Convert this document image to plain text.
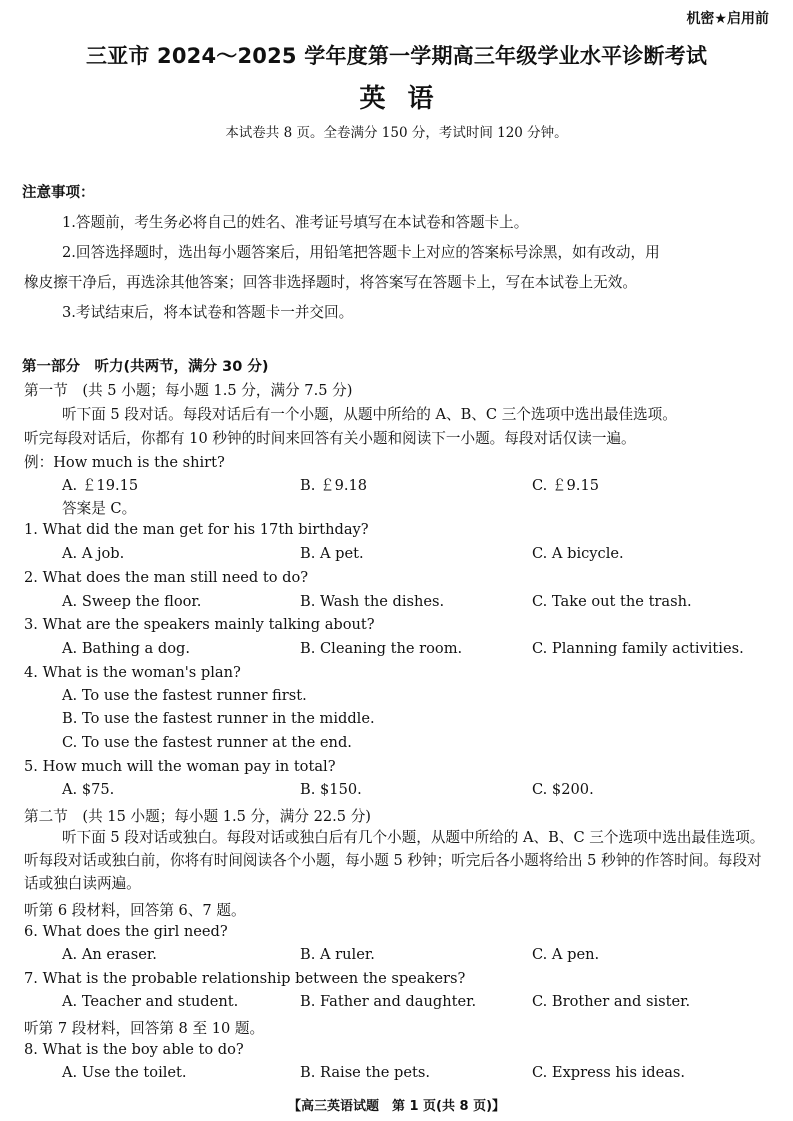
机密★启用前
三亚市 2024～2025 学年度第一学期高三年级学业水平诊断考试
英语
本试卷共 8 页。全卷满分 150 分，考试时间 120 分钟。
注意事项：
1.答题前，考生务必将自己的姓名、准考证号填写在本试卷和答题卡上。
2.回答选择题时，选出每小题答案后，用铅笔把答题卡上对应的答案标号涂黑，如有改动，用
橡皮擦干净后，再选涂其他答案；回答非选择题时，将答案写在答题卡上，写在本试卷上无效。
3.考试结束后，将本试卷和答题卡一并交回。
第一部分　听力(共两节，满分 30 分)
第一节　(共 5 小题；每小题 1.5 分，满分 7.5 分)
听下面 5 段对话。每段对话后有一个小题，从题中所给的 A、B、C 三个选项中选出最佳选项。
听完每段对话后，你都有 10 秒钟的时间来回答有关小题和阅读下一小题。每段对话仅读一遍。
例：How much is the shirt?
A. ￡19.15	B. ￡9.18	C. ￡9.15
答案是 C。
1. What did the man get for his 17th birthday?
A. A job.	B. A pet.	C. A bicycle.
2. What does the man still need to do?
A. Sweep the floor.	B. Wash the dishes.	C. Take out the trash.
3. What are the speakers mainly talking about?
A. Bathing a dog.	B. Cleaning the room.	C. Planning family activities.
4. What is the woman's plan?
A. To use the fastest runner first.
B. To use the fastest runner in the middle.
C. To use the fastest runner at the end.
5. How much will the woman pay in total?
A. $75.	B. $150.	C. $200.
第二节　(共 15 小题；每小题 1.5 分，满分 22.5 分)
听下面 5 段对话或独白。每段对话或独白后有几个小题，从题中所给的 A、B、C 三个选项中选出最佳选项。听每段对话或独白前，你将有时间阅读各个小题，每小题 5 秒钟；听完后各小题将给出 5 秒钟的作答时间。每段对话或独白读两遍。
听第 6 段材料，回答第 6、7 题。
6. What does the girl need?
A. An eraser.	B. A ruler.	C. A pen.
7. What is the probable relationship between the speakers?
A. Teacher and student.	B. Father and daughter.	C. Brother and sister.
听第 7 段材料，回答第 8 至 10 题。
8. What is the boy able to do?
A. Use the toilet.	B. Raise the pets.	C. Express his ideas.
【高三英语试题　第 1 页(共 8 页)】
